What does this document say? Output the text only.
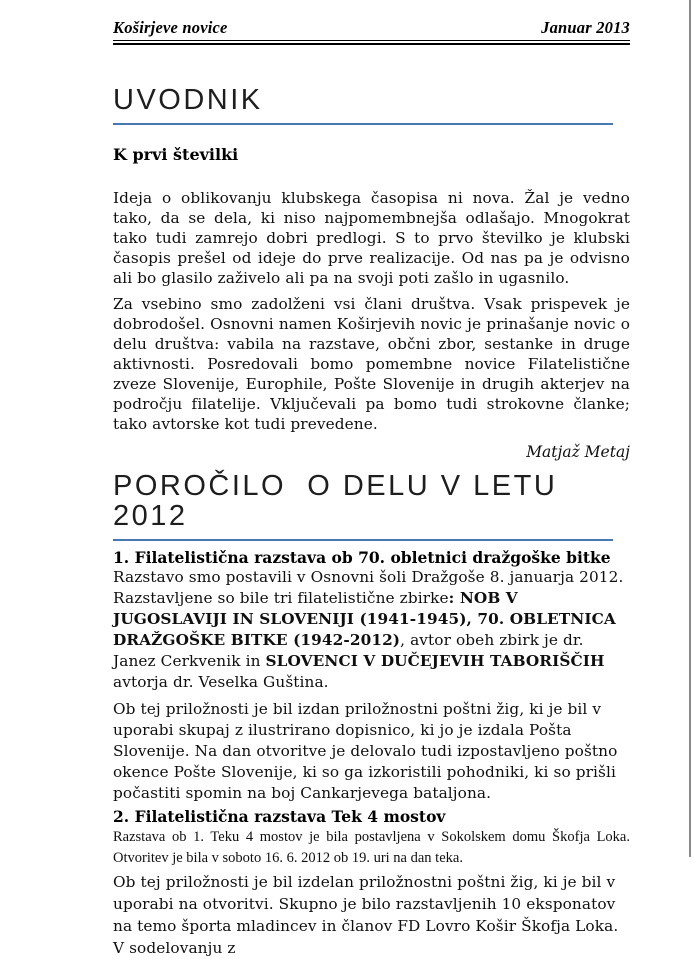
Koširjeve novice	Januar 2013
UVODNIK

K prvi številki

Ideja o oblikovanju klubskega časopisa ni nova. Žal je vedno tako, da se dela, ki niso najpomembnejša odlašajo. Mnogokrat tako tudi zamrejo dobri predlogi. S to prvo številko je klubski časopis prešel od ideje do prve realizacije. Od nas pa je odvisno ali bo glasilo zaživelo ali pa na svoji poti zašlo in ugasnilo.

Za vsebino smo zadolženi vsi člani društva. Vsak prispevek je dobrodošel. Osnovni namen Koširjevih novic je prinašanje novic o delu društva: vabila na razstave, občni zbor, sestanke in druge aktivnosti. Posredovali bomo pomembne novice Filatelistične zveze Slovenije, Europhile, Pošte Slovenije in drugih akterjev na področju filatelije. Vključevali pa bomo tudi strokovne članke; tako avtorske kot tudi prevedene.

Matjaž Metaj

POROČILO  O DELU V LETU 2012

1. Filatelistična razstava ob 70. obletnici dražgoške bitke

Razstavo smo postavili v Osnovni šoli Dražgoše 8. januarja 2012.

Razstavljene so bile tri filatelistične zbirke: NOB V JUGOSLAVIJI IN SLOVENIJI (1941-1945), 70. OBLETNICA DRAŽGOŠKE BITKE (1942-2012), avtor obeh zbirk je dr. Janez Cerkvenik in SLOVENCI V DUČEJEVIH TABORIŠČIH avtorja dr. Veselka Guština.

Ob tej priložnosti je bil izdan priložnostni poštni žig, ki je bil v uporabi skupaj z ilustrirano dopisnico, ki jo je izdala Pošta Slovenije. Na dan otvoritve je delovalo tudi izpostavljeno poštno okence Pošte Slovenije, ki so ga izkoristili pohodniki, ki so prišli počastiti spomin na boj Cankarjevega bataljona.

2. Filatelistična razstava Tek 4 mostov

Razstava ob 1. Teku 4 mostov je bila postavljena v Sokolskem domu Škofja Loka.

Otvoritev je bila v soboto 16. 6. 2012 ob 19. uri na dan teka.

Ob tej priložnosti je bil izdelan priložnostni poštni žig, ki je bil v uporabi na otvoritvi. Skupno je bilo razstavljenih 10 eksponatov na temo športa mladincev in članov FD Lovro Košir Škofja Loka. V sodelovanju z
